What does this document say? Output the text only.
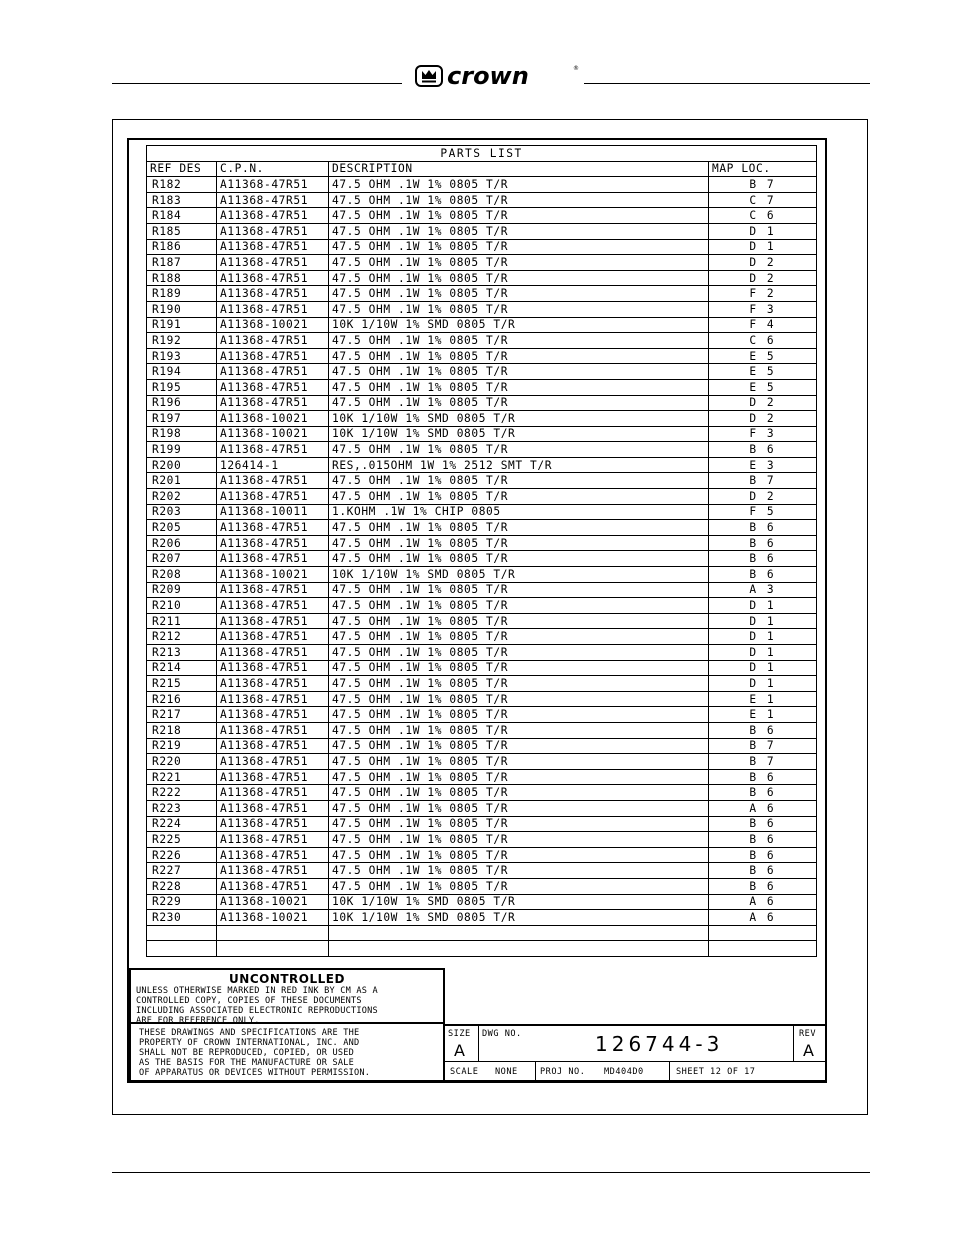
crown	®
PARTS LIST			
REF DES	C.P.N.	DESCRIPTION	MAP LOC.
R182	A11368-47R51	47.5 OHM .1W 1% 0805 T/R	B 7
R183	A11368-47R51	47.5 OHM .1W 1% 0805 T/R	C 7
R184	A11368-47R51	47.5 OHM .1W 1% 0805 T/R	C 6
R185	A11368-47R51	47.5 OHM .1W 1% 0805 T/R	D 1
R186	A11368-47R51	47.5 OHM .1W 1% 0805 T/R	D 1
R187	A11368-47R51	47.5 OHM .1W 1% 0805 T/R	D 2
R188	A11368-47R51	47.5 OHM .1W 1% 0805 T/R	D 2
R189	A11368-47R51	47.5 OHM .1W 1% 0805 T/R	F 2
R190	A11368-47R51	47.5 OHM .1W 1% 0805 T/R	F 3
R191	A11368-10021	10K 1/10W 1% SMD 0805 T/R	F 4
R192	A11368-47R51	47.5 OHM .1W 1% 0805 T/R	C 6
R193	A11368-47R51	47.5 OHM .1W 1% 0805 T/R	E 5
R194	A11368-47R51	47.5 OHM .1W 1% 0805 T/R	E 5
R195	A11368-47R51	47.5 OHM .1W 1% 0805 T/R	E 5
R196	A11368-47R51	47.5 OHM .1W 1% 0805 T/R	D 2
R197	A11368-10021	10K 1/10W 1% SMD 0805 T/R	D 2
R198	A11368-10021	10K 1/10W 1% SMD 0805 T/R	F 3
R199	A11368-47R51	47.5 OHM .1W 1% 0805 T/R	B 6
R200	126414-1	RES,.015OHM 1W 1% 2512 SMT T/R	E 3
R201	A11368-47R51	47.5 OHM .1W 1% 0805 T/R	B 7
R202	A11368-47R51	47.5 OHM .1W 1% 0805 T/R	D 2
R203	A11368-10011	1.KOHM .1W 1% CHIP 0805	F 5
R205	A11368-47R51	47.5 OHM .1W 1% 0805 T/R	B 6
R206	A11368-47R51	47.5 OHM .1W 1% 0805 T/R	B 6
R207	A11368-47R51	47.5 OHM .1W 1% 0805 T/R	B 6
R208	A11368-10021	10K 1/10W 1% SMD 0805 T/R	B 6
R209	A11368-47R51	47.5 OHM .1W 1% 0805 T/R	A 3
R210	A11368-47R51	47.5 OHM .1W 1% 0805 T/R	D 1
R211	A11368-47R51	47.5 OHM .1W 1% 0805 T/R	D 1
R212	A11368-47R51	47.5 OHM .1W 1% 0805 T/R	D 1
R213	A11368-47R51	47.5 OHM .1W 1% 0805 T/R	D 1
R214	A11368-47R51	47.5 OHM .1W 1% 0805 T/R	D 1
R215	A11368-47R51	47.5 OHM .1W 1% 0805 T/R	D 1
R216	A11368-47R51	47.5 OHM .1W 1% 0805 T/R	E 1
R217	A11368-47R51	47.5 OHM .1W 1% 0805 T/R	E 1
R218	A11368-47R51	47.5 OHM .1W 1% 0805 T/R	B 6
R219	A11368-47R51	47.5 OHM .1W 1% 0805 T/R	B 7
R220	A11368-47R51	47.5 OHM .1W 1% 0805 T/R	B 7
R221	A11368-47R51	47.5 OHM .1W 1% 0805 T/R	B 6
R222	A11368-47R51	47.5 OHM .1W 1% 0805 T/R	B 6
R223	A11368-47R51	47.5 OHM .1W 1% 0805 T/R	A 6
R224	A11368-47R51	47.5 OHM .1W 1% 0805 T/R	B 6
R225	A11368-47R51	47.5 OHM .1W 1% 0805 T/R	B 6
R226	A11368-47R51	47.5 OHM .1W 1% 0805 T/R	B 6
R227	A11368-47R51	47.5 OHM .1W 1% 0805 T/R	B 6
R228	A11368-47R51	47.5 OHM .1W 1% 0805 T/R	B 6
R229	A11368-10021	10K 1/10W 1% SMD 0805 T/R	A 6
R230	A11368-10021	10K 1/10W 1% SMD 0805 T/R	A 6

UNCONTROLLED
UNLESS OTHERWISE MARKED IN RED INK BY CM AS A
CONTROLLED COPY, COPIES OF THESE DOCUMENTS
INCLUDING ASSOCIATED ELECTRONIC REPRODUCTIONS
ARE FOR REFERENCE ONLY.
THESE DRAWINGS AND SPECIFICATIONS ARE THE
PROPERTY OF CROWN INTERNATIONAL, INC. AND
SHALL NOT BE REPRODUCED, COPIED, OR USED
AS THE BASIS FOR THE MANUFACTURE OR SALE
OF APPARATUS OR DEVICES WITHOUT PERMISSION.
SIZE
A
DWG NO.	126744-3	REV
A
SCALE NONE	PROJ NO. MD404D0	SHEET 12 OF 17
